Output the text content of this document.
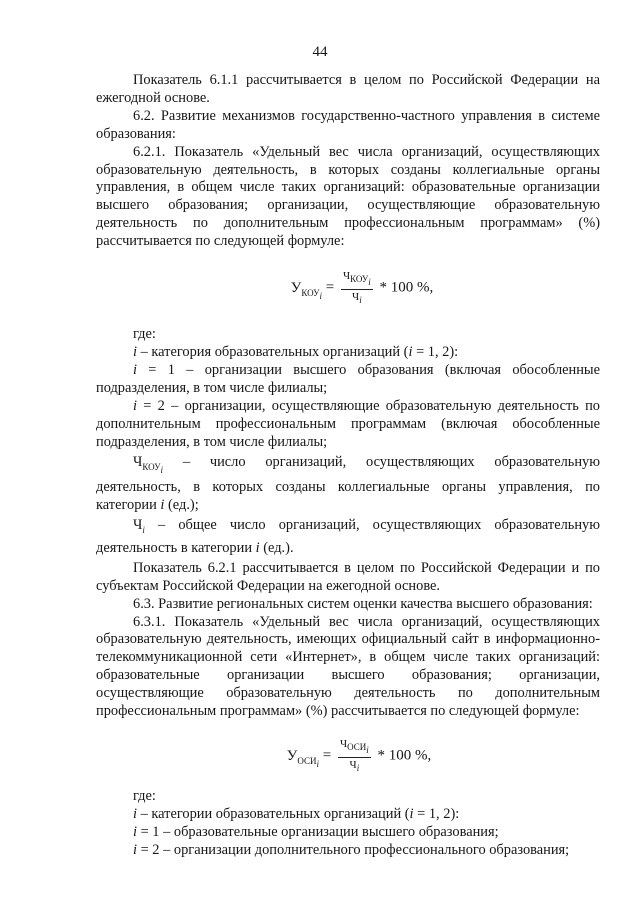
44

Показатель 6.1.1 рассчитывается в целом по Российской Федерации на ежегодной основе.

6.2. Развитие механизмов государственно-частного управления в системе образования:

6.2.1. Показатель «Удельный вес числа организаций, осуществляющих образовательную деятельность, в которых созданы коллегиальные органы управления, в общем числе таких организаций: образовательные организации высшего образования; организации, осуществляющие образовательную деятельность по дополнительным профессиональным программам» (%) рассчитывается по следующей формуле:

$У_{КОУ_i} = \frac{Ч_{КОУ_i}}{Ч_i} * 100$ %,

где:

i – категория образовательных организаций (i = 1, 2):

i = 1 – организации высшего образования (включая обособленные подразделения, в том числе филиалы;

i = 2 – организации, осуществляющие образовательную деятельность по дополнительным профессиональным программам (включая обособленные подразделения, в том числе филиалы;

$Ч_{КОУ_i}$ – число организаций, осуществляющих образовательную деятельность, в которых созданы коллегиальные органы управления, по категории i (ед.);

$Ч_i$ – общее число организаций, осуществляющих образовательную деятельность в категории i (ед.).

Показатель 6.2.1 рассчитывается в целом по Российской Федерации и по субъектам Российской Федерации на ежегодной основе.

6.3. Развитие региональных систем оценки качества высшего образования:

6.3.1. Показатель «Удельный вес числа организаций, осуществляющих образовательную деятельность, имеющих официальный сайт в информационно-телекоммуникационной сети «Интернет», в общем числе таких организаций: образовательные организации высшего образования; организации, осуществляющие образовательную деятельность по дополнительным профессиональным программам» (%) рассчитывается по следующей формуле:

$У_{ОСИ_i} = \frac{Ч_{ОСИ_i}}{Ч_i} * 100$ %,

где:

i – категории образовательных организаций (i = 1, 2):

i = 1 – образовательные организации высшего образования;

i = 2 – организации дополнительного профессионального образования;
